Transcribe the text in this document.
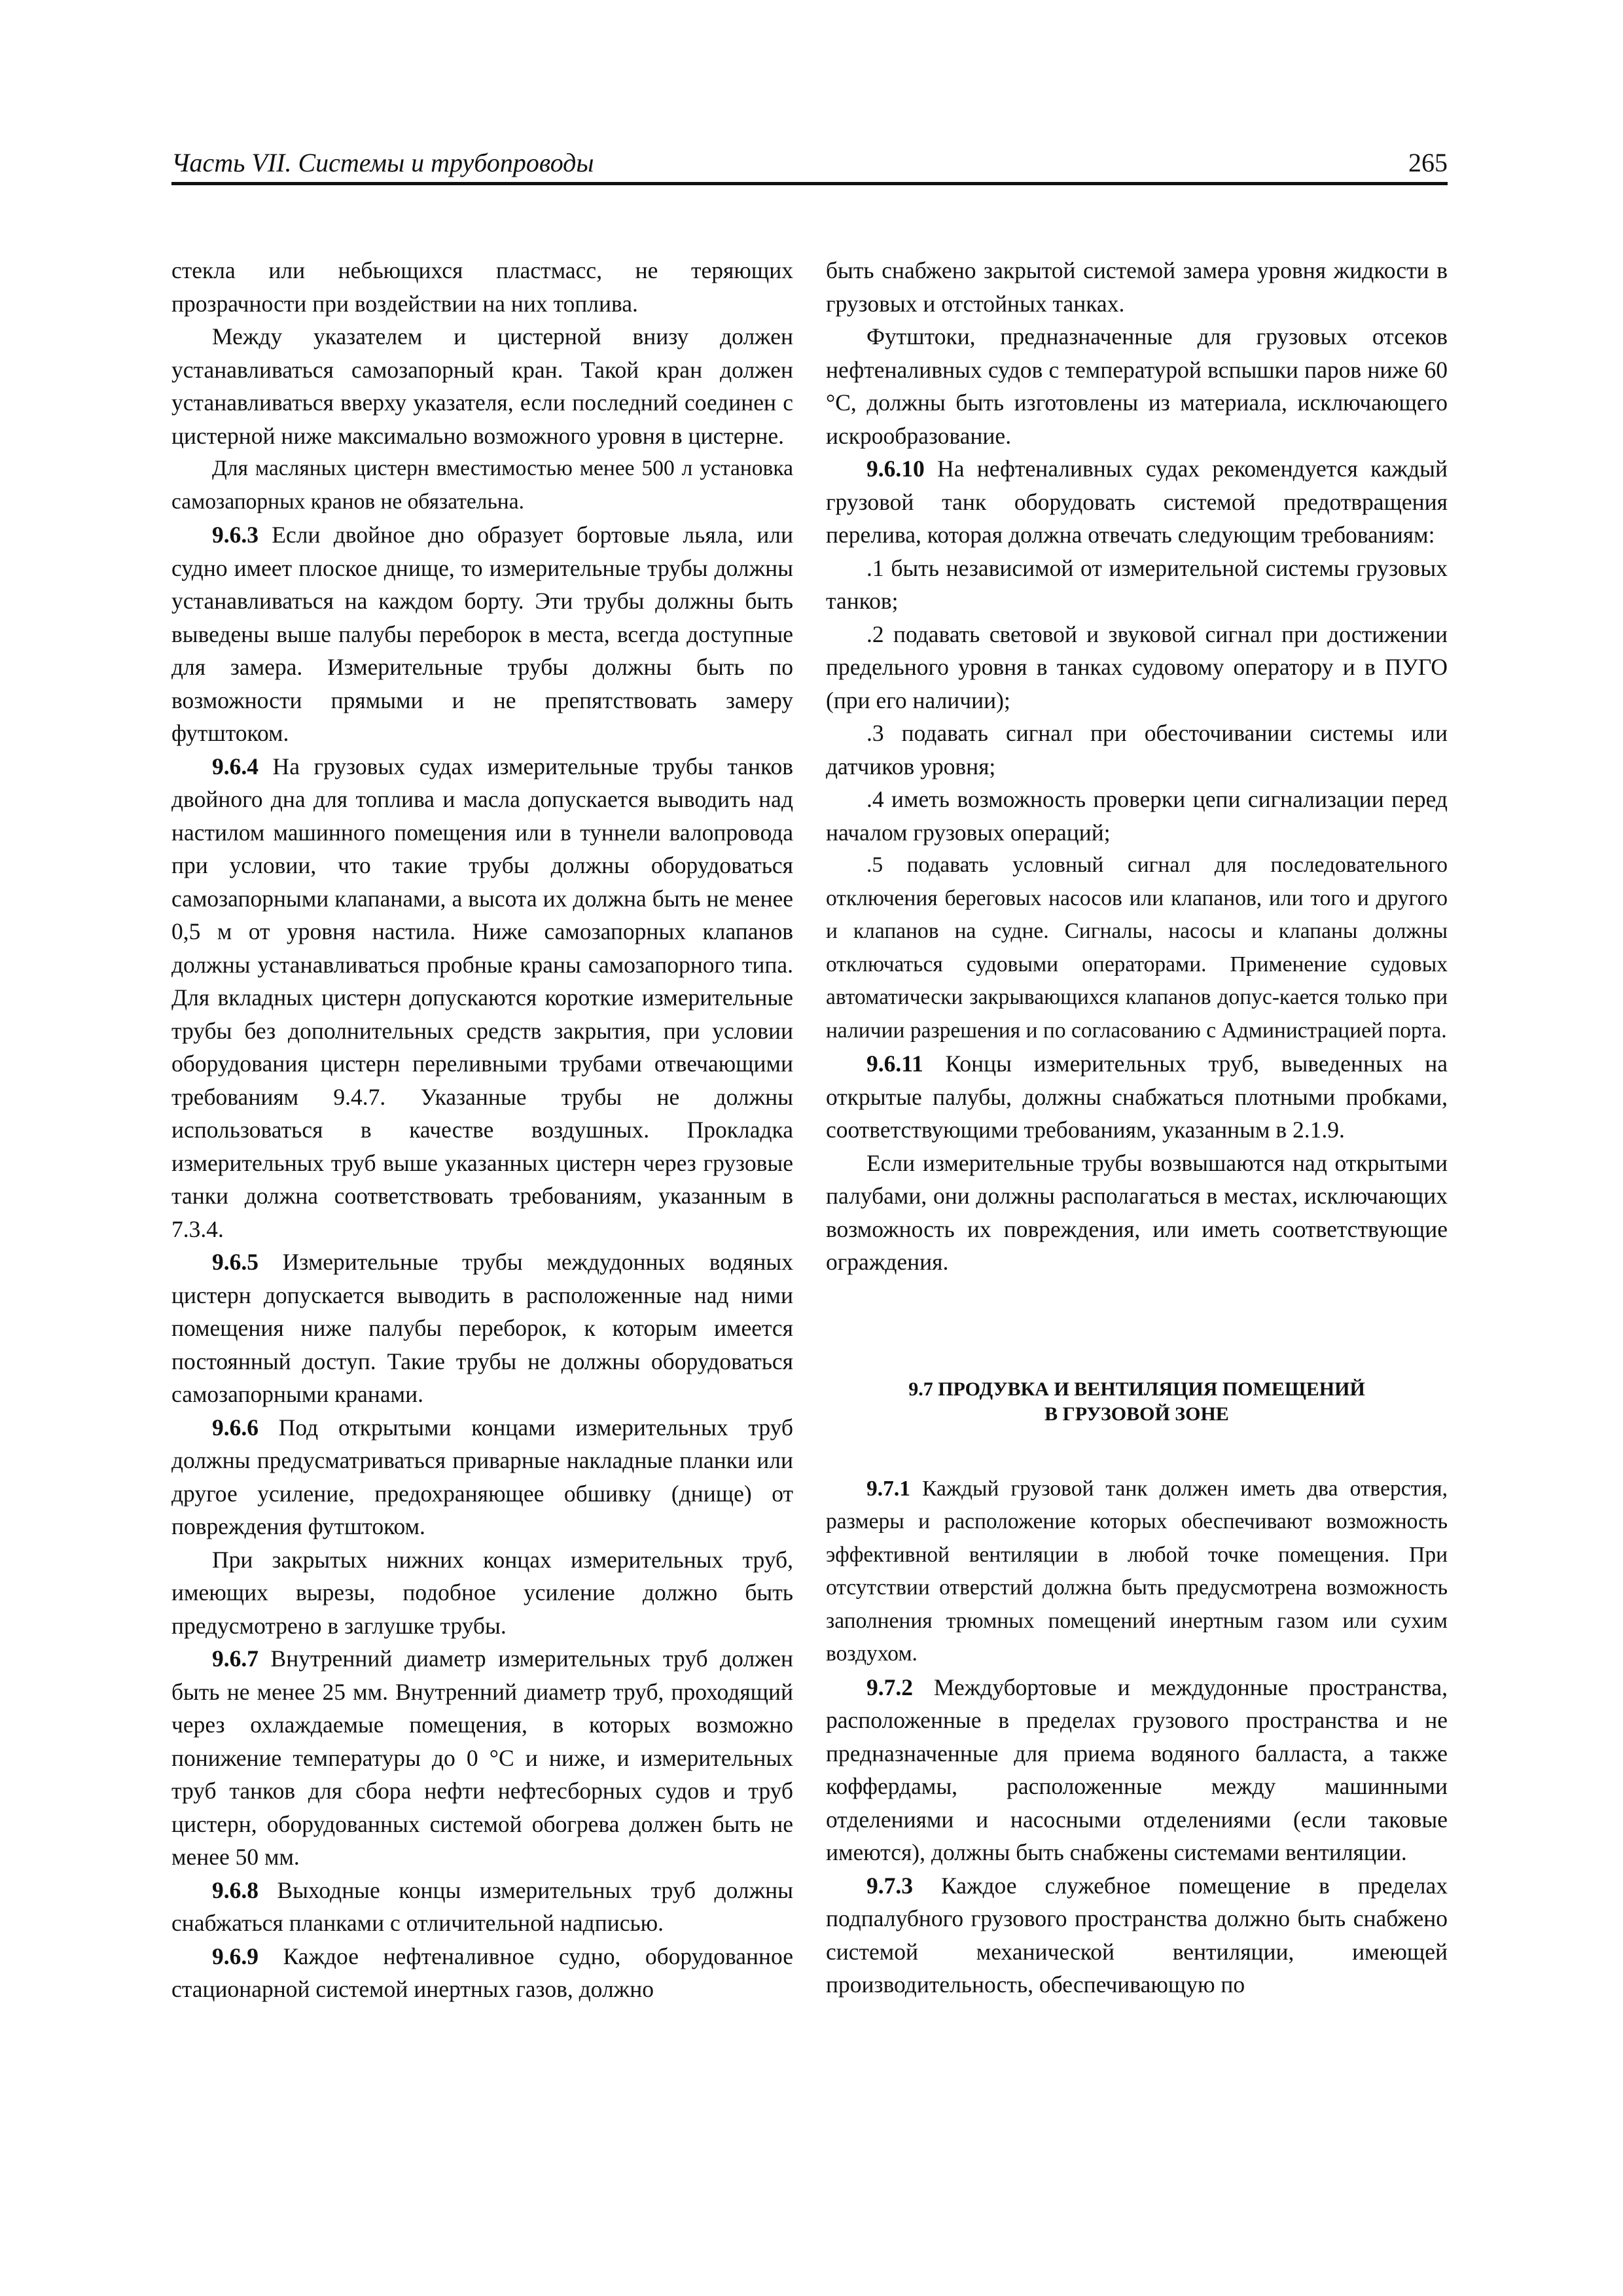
Часть VII. Системы и трубопроводы	265

стекла или небьющихся пластмасс, не теряющих прозрачности при воздействии на них топлива.

Между указателем и цистерной внизу должен устанавливаться самозапорный кран. Такой кран должен устанавливаться вверху указателя, если последний соединен с цистерной ниже максимально возможного уровня в цистерне.

Для масляных цистерн вместимостью менее 500 л установка самозапорных кранов не обязательна.

9.6.3 Если двойное дно образует бортовые льяла, или судно имеет плоское днище, то измерительные трубы должны устанавливаться на каждом борту. Эти трубы должны быть выведены выше палубы переборок в места, всегда доступные для замера. Измерительные трубы должны быть по возможности прямыми и не препятствовать замеру футштоком.

9.6.4 На грузовых судах измерительные трубы танков двойного дна для топлива и масла допускается выводить над настилом машинного помещения или в туннели валопровода при условии, что такие трубы должны оборудоваться самозапорными клапанами, а высота их должна быть не менее 0,5 м от уровня настила. Ниже самозапорных клапанов должны устанавливаться пробные краны самозапорного типа. Для вкладных цистерн допускаются короткие измерительные трубы без дополнительных средств закрытия, при условии оборудования цистерн переливными трубами отвечающими требованиям 9.4.7. Указанные трубы не должны использоваться в качестве воздушных. Прокладка измерительных труб выше указанных цистерн через грузовые танки должна соответствовать требованиям, указанным в 7.3.4.

9.6.5 Измерительные трубы междудонных водяных цистерн допускается выводить в расположенные над ними помещения ниже палубы переборок, к которым имеется постоянный доступ. Такие трубы не должны оборудоваться самозапорными кранами.

9.6.6 Под открытыми концами измерительных труб должны предусматриваться приварные накладные планки или другое усиление, предохраняющее обшивку (днище) от повреждения футштоком.

При закрытых нижних концах измерительных труб, имеющих вырезы, подобное усиление должно быть предусмотрено в заглушке трубы.

9.6.7 Внутренний диаметр измерительных труб должен быть не менее 25 мм. Внутренний диаметр труб, проходящий через охлаждаемые помещения, в которых возможно понижение температуры до 0 °С и ниже, и измерительных труб танков для сбора нефти нефтесборных судов и труб цистерн, оборудованных системой обогрева должен быть не менее 50 мм.

9.6.8 Выходные концы измерительных труб должны снабжаться планками с отличительной надписью.

9.6.9 Каждое нефтеналивное судно, оборудованное стационарной системой инертных газов, должно

быть снабжено закрытой системой замера уровня жидкости в грузовых и отстойных танках.

Футштоки, предназначенные для грузовых отсеков нефтеналивных судов с температурой вспышки паров ниже 60 °С, должны быть изготовлены из материала, исключающего искрообразование.

9.6.10 На нефтеналивных судах рекомендуется каждый грузовой танк оборудовать системой предотвращения перелива, которая должна отвечать следующим требованиям:

.1 быть независимой от измерительной системы грузовых танков;

.2 подавать световой и звуковой сигнал при достижении предельного уровня в танках судовому оператору и в ПУГО (при его наличии);

.3 подавать сигнал при обесточивании системы или датчиков уровня;

.4 иметь возможность проверки цепи сигнализации перед началом грузовых операций;

.5 подавать условный сигнал для последовательного отключения береговых насосов или клапанов, или того и другого и клапанов на судне. Сигналы, насосы и клапаны должны отключаться судовыми операторами. Применение судовых автоматически закрывающихся клапанов допус-кается только при наличии разрешения и по согласованию с Администрацией порта.

9.6.11 Концы измерительных труб, выведенных на открытые палубы, должны снабжаться плотными пробками, соответствующими требованиям, указанным в 2.1.9.

Если измерительные трубы возвышаются над открытыми палубами, они должны располагаться в местах, исключающих возможность их повреждения, или иметь соответствующие ограждения.

9.7 ПРОДУВКА И ВЕНТИЛЯЦИЯ ПОМЕЩЕНИЙ
В ГРУЗОВОЙ ЗОНЕ

9.7.1 Каждый грузовой танк должен иметь два отверстия, размеры и расположение которых обеспечивают возможность эффективной вентиляции в любой точке помещения. При отсутствии отверстий должна быть предусмотрена возможность заполнения трюмных помещений инертным газом или сухим воздухом.

9.7.2 Междубортовые и междудонные пространства, расположенные в пределах грузового пространства и не предназначенные для приема водяного балласта, а также коффердамы, расположенные между машинными отделениями и насосными отделениями (если таковые имеются), должны быть снабжены системами вентиляции.

9.7.3 Каждое служебное помещение в пределах подпалубного грузового пространства должно быть снабжено системой механической вентиляции, имеющей производительность, обеспечивающую по
